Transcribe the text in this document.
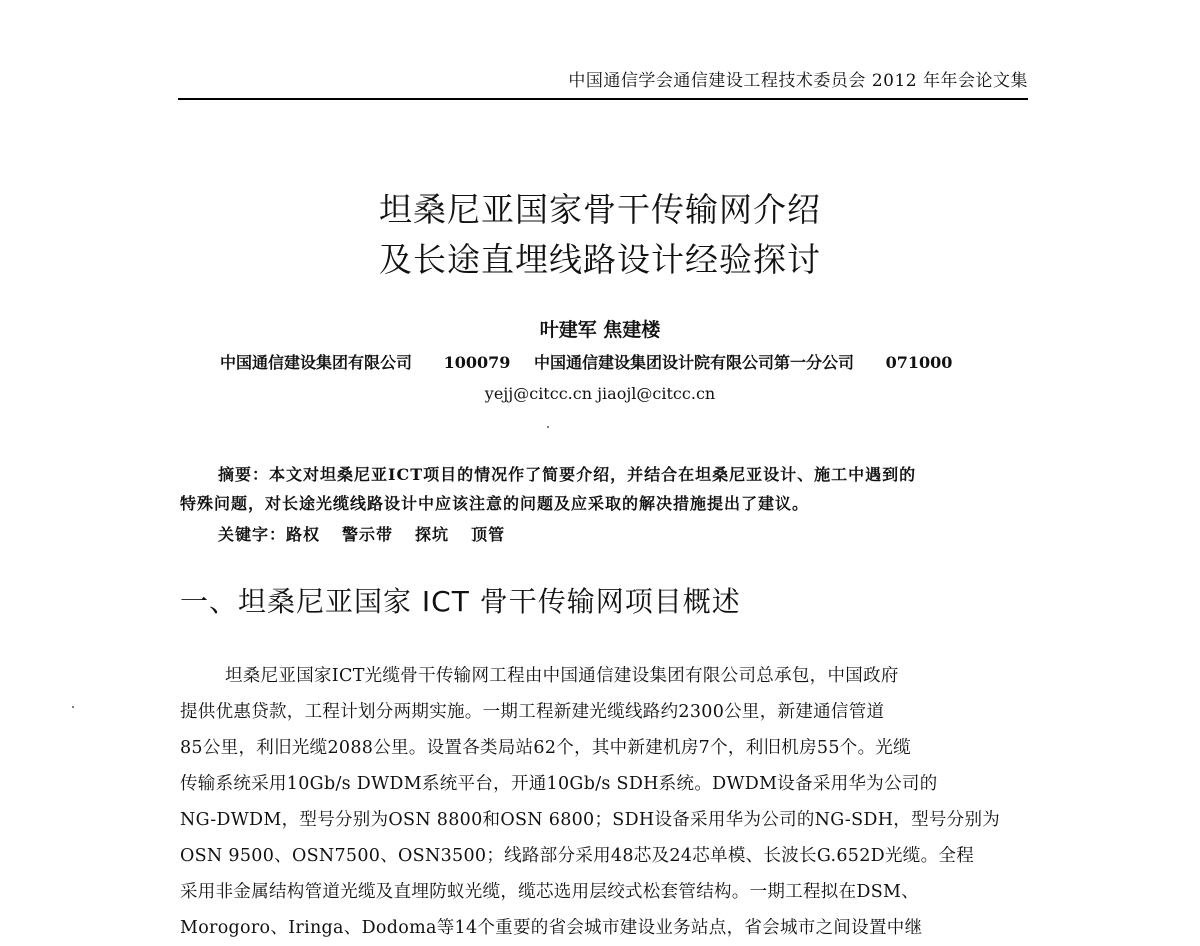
中国通信学会通信建设工程技术委员会 2012 年年会论文集
坦桑尼亚国家骨干传输网介绍
及长途直埋线路设计经验探讨
叶建军 焦建楼
中国通信建设集团有限公司 100079 中国通信建设集团设计院有限公司第一分公司 071000
yejj@citcc.cn jiaojl@citcc.cn
摘要：本文对坦桑尼亚ICT项目的情况作了简要介绍，并结合在坦桑尼亚设计、施工中遇到的
特殊问题，对长途光缆线路设计中应该注意的问题及应采取的解决措施提出了建议。
关键字：路权 警示带 探坑 顶管
一、坦桑尼亚国家 ICT 骨干传输网项目概述
坦桑尼亚国家ICT光缆骨干传输网工程由中国通信建设集团有限公司总承包，中国政府
提供优惠贷款，工程计划分两期实施。一期工程新建光缆线路约2300公里，新建通信管道
85公里，利旧光缆2088公里。设置各类局站62个，其中新建机房7个，利旧机房55个。光缆
传输系统采用10Gb/s DWDM系统平台，开通10Gb/s SDH系统。DWDM设备采用华为公司的
NG-DWDM，型号分别为OSN 8800和OSN 6800；SDH设备采用华为公司的NG-SDH，型号分别为
OSN 9500、OSN7500、OSN3500；线路部分采用48芯及24芯单模、长波长G.652D光缆。全程
采用非金属结构管道光缆及直埋防蚁光缆，缆芯选用层绞式松套管结构。一期工程拟在DSM、
Morogoro、Iringa、Dodoma等14个重要的省会城市建设业务站点，省会城市之间设置中继
